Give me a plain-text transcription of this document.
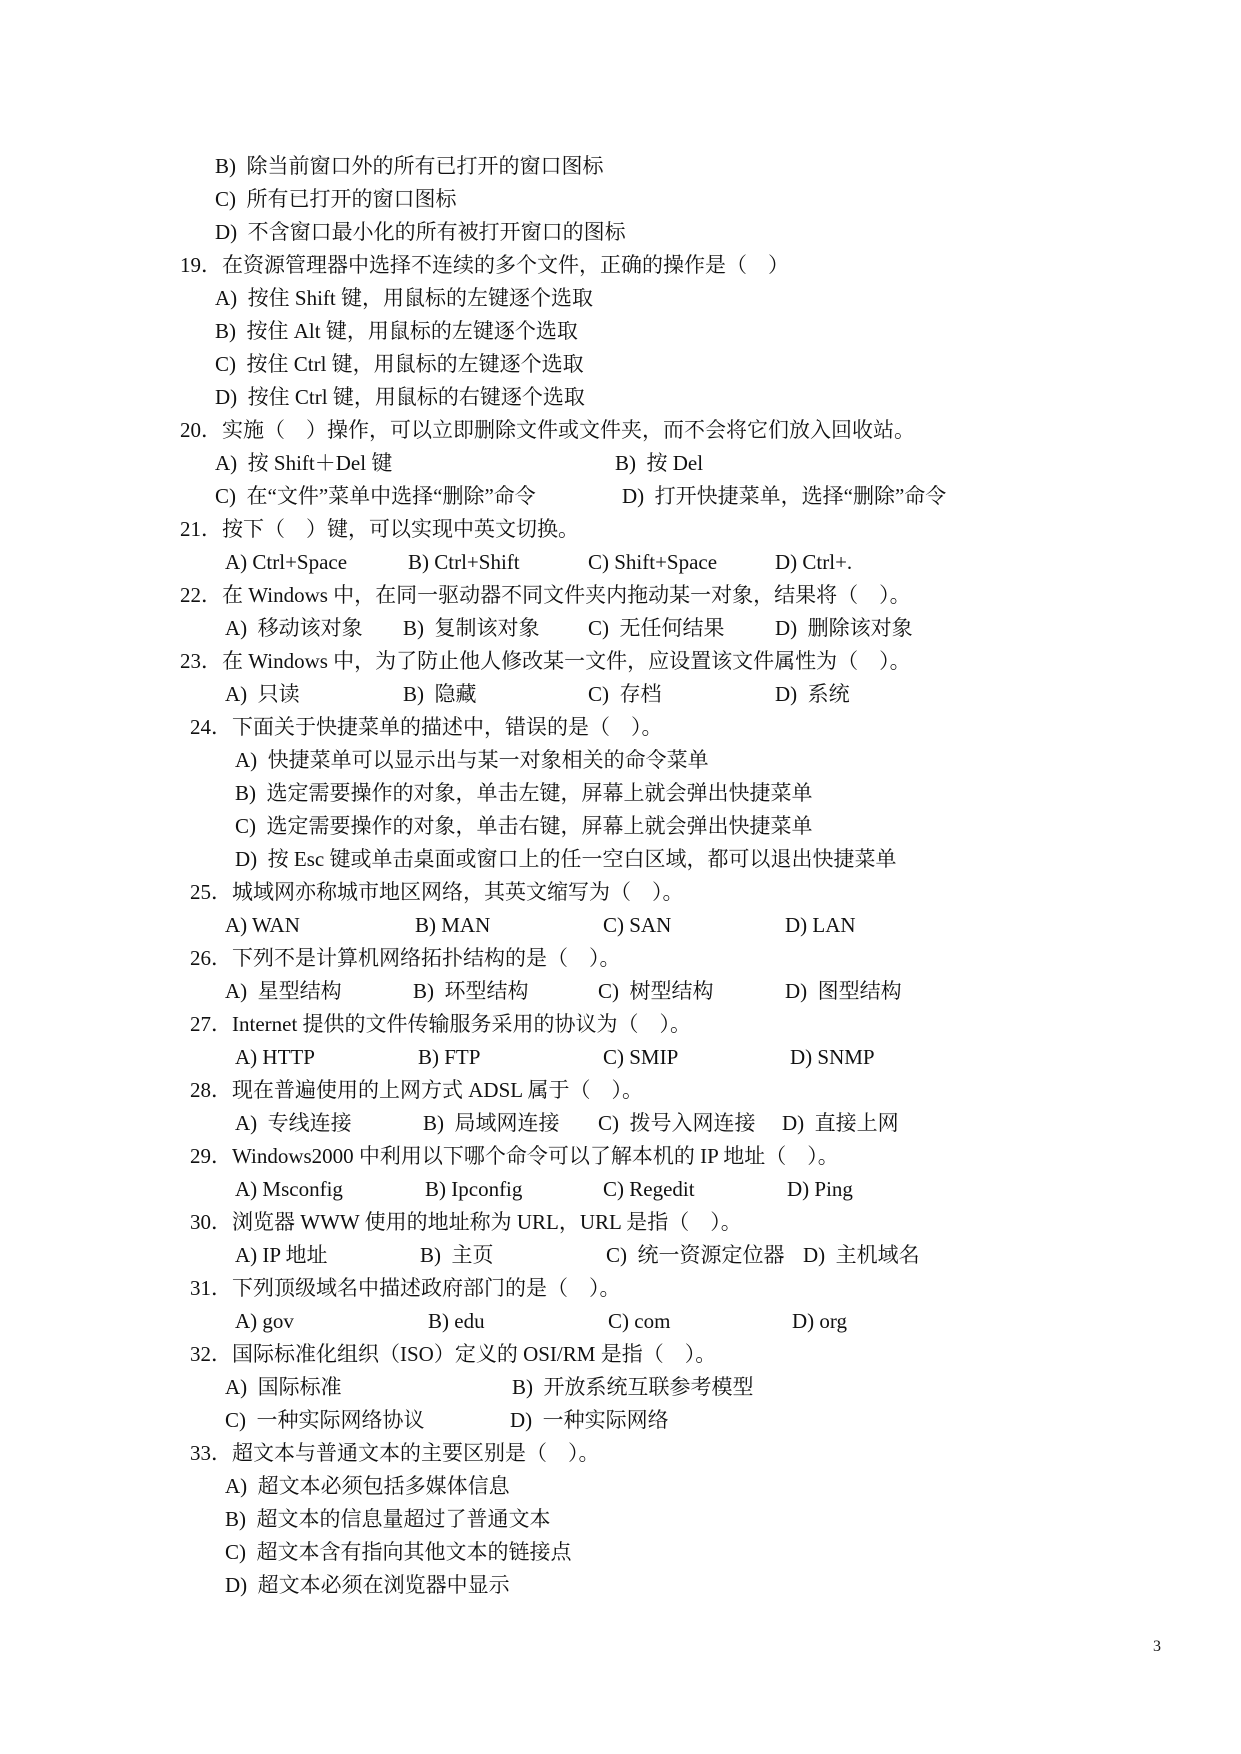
B)  除当前窗口外的所有已打开的窗口图标
C)  所有已打开的窗口图标
D)  不含窗口最小化的所有被打开窗口的图标
19．在资源管理器中选择不连续的多个文件，正确的操作是（    ）
A)  按住 Shift 键，用鼠标的左键逐个选取
B)  按住 Alt 键，用鼠标的左键逐个选取
C)  按住 Ctrl 键，用鼠标的左键逐个选取
D)  按住 Ctrl 键，用鼠标的右键逐个选取
20．实施（    ）操作，可以立即删除文件或文件夹，而不会将它们放入回收站。
A)  按 Shift＋Del 键	B)  按 Del
C)  在“文件”菜单中选择“删除”命令	D)  打开快捷菜单，选择“删除”命令
21．按下（    ）键，可以实现中英文切换。
A) Ctrl+Space	B) Ctrl+Shift	C) Shift+Space	D) Ctrl+.
22．在 Windows 中，在同一驱动器不同文件夹内拖动某一对象，结果将（    ）。
A)  移动该对象 B)  复制该对象 C)  无任何结果 D)  删除该对象
23．在 Windows 中，为了防止他人修改某一文件，应设置该文件属性为（    ）。
A)  只读	B)  隐藏	C)  存档	D)  系统
24．下面关于快捷菜单的描述中，错误的是（    ）。
A)  快捷菜单可以显示出与某一对象相关的命令菜单
B)  选定需要操作的对象，单击左键，屏幕上就会弹出快捷菜单
C)  选定需要操作的对象，单击右键，屏幕上就会弹出快捷菜单
D)  按 Esc 键或单击桌面或窗口上的任一空白区域，都可以退出快捷菜单
25．城域网亦称城市地区网络，其英文缩写为（    ）。
A) WAN	B) MAN	C) SAN	D) LAN
26．下列不是计算机网络拓扑结构的是（    ）。
A)  星型结构	B)  环型结构	C)  树型结构	D)  图型结构
27．Internet 提供的文件传输服务采用的协议为（    ）。
A) HTTP	B) FTP	C) SMIP	D) SNMP
28．现在普遍使用的上网方式 ADSL 属于（    ）。
A)  专线连接	B)  局域网连接 C)  拨号入网连接 D)  直接上网
29．Windows2000 中利用以下哪个命令可以了解本机的 IP 地址（    ）。
A) Msconfig	B) Ipconfig	C) Regedit	D) Ping
30．浏览器 WWW 使用的地址称为 URL，URL 是指（    ）。
A) IP 地址	B)  主页	C)  统一资源定位器 D)  主机域名
31．下列顶级域名中描述政府部门的是（    ）。
A) gov	B) edu	C) com	D) org
32．国际标准化组织（ISO）定义的 OSI/RM 是指（    ）。
A)  国际标准	B)  开放系统互联参考模型
C)  一种实际网络协议	D)  一种实际网络
33．超文本与普通文本的主要区别是（    ）。
A)  超文本必须包括多媒体信息
B)  超文本的信息量超过了普通文本
C)  超文本含有指向其他文本的链接点
D)  超文本必须在浏览器中显示
3
